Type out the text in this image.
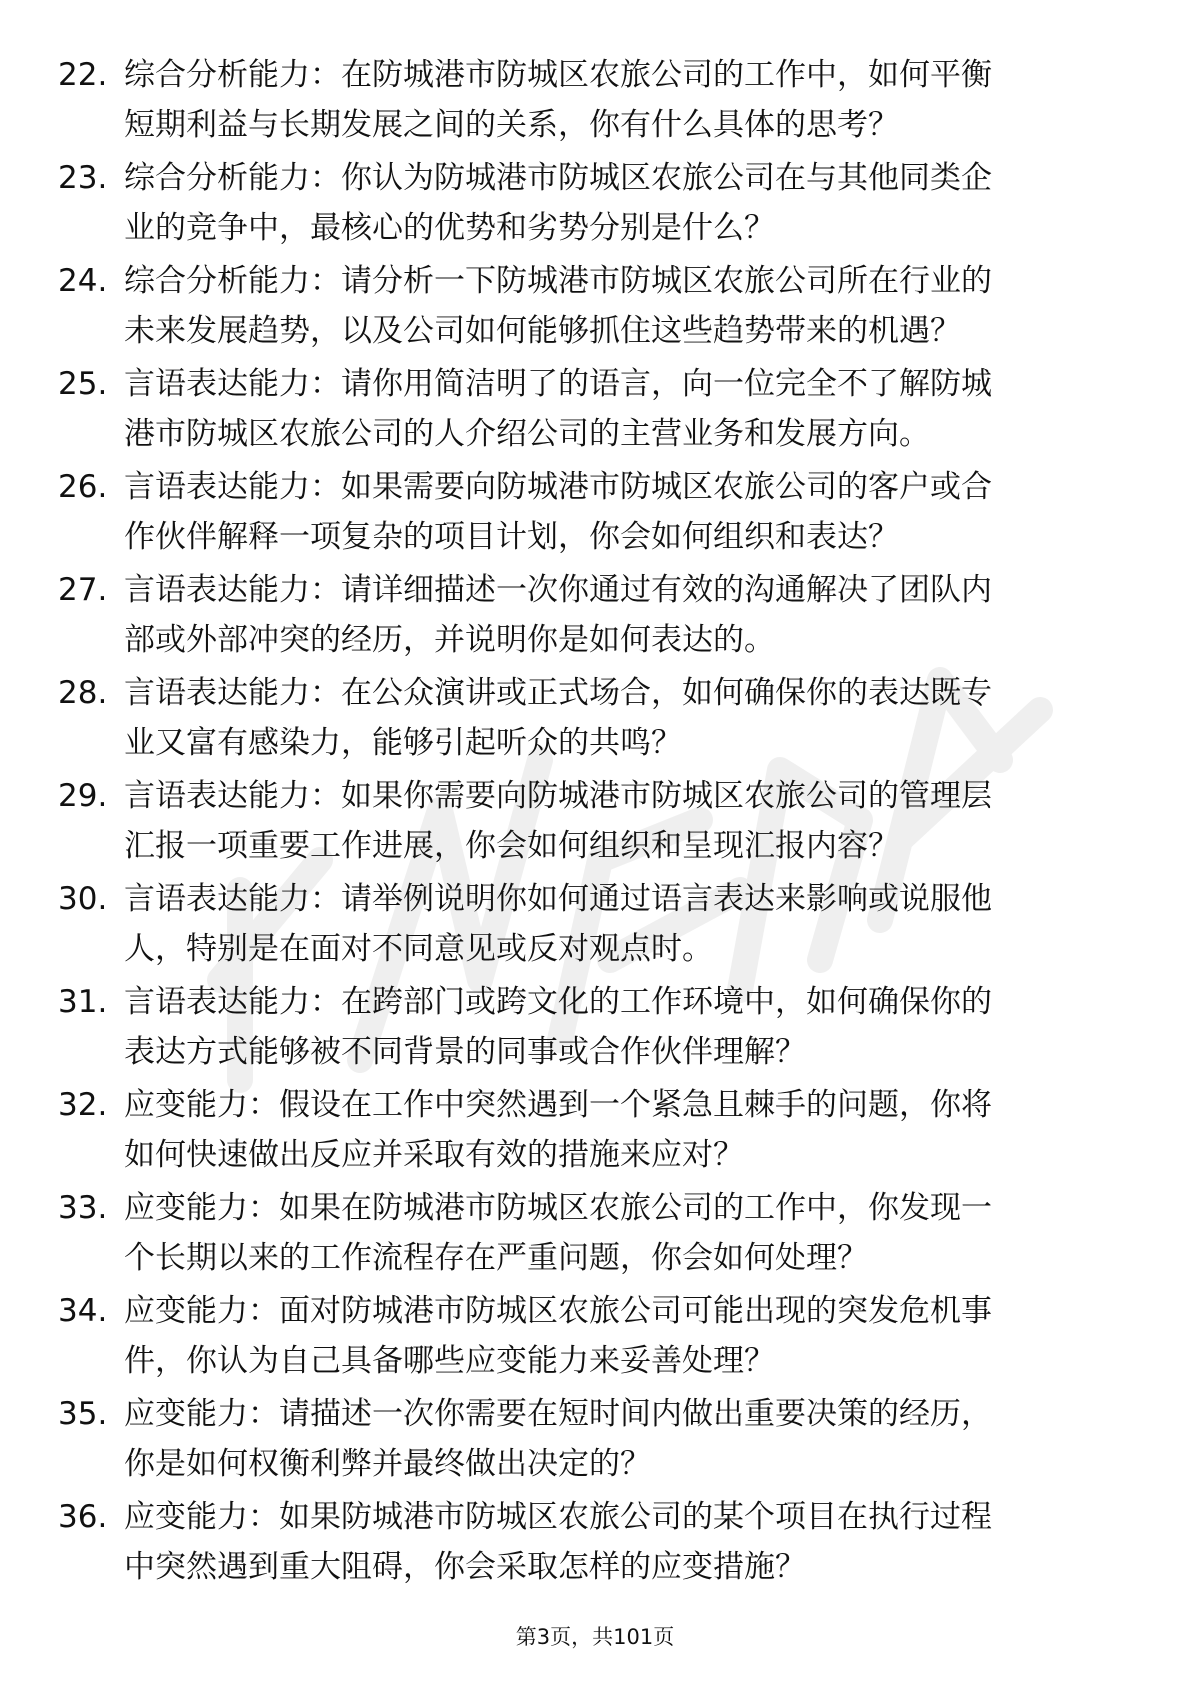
22. 综合分析能力：在防城港市防城区农旅公司的工作中，如何平衡
短期利益与长期发展之间的关系，你有什么具体的思考？
23. 综合分析能力：你认为防城港市防城区农旅公司在与其他同类企
业的竞争中，最核心的优势和劣势分别是什么？
24. 综合分析能力：请分析一下防城港市防城区农旅公司所在行业的
未来发展趋势，以及公司如何能够抓住这些趋势带来的机遇？
25. 言语表达能力：请你用简洁明了的语言，向一位完全不了解防城
港市防城区农旅公司的人介绍公司的主营业务和发展方向。
26. 言语表达能力：如果需要向防城港市防城区农旅公司的客户或合
作伙伴解释一项复杂的项目计划，你会如何组织和表达？
27. 言语表达能力：请详细描述一次你通过有效的沟通解决了团队内
部或外部冲突的经历，并说明你是如何表达的。
28. 言语表达能力：在公众演讲或正式场合，如何确保你的表达既专
业又富有感染力，能够引起听众的共鸣？
29. 言语表达能力：如果你需要向防城港市防城区农旅公司的管理层
汇报一项重要工作进展，你会如何组织和呈现汇报内容？
30. 言语表达能力：请举例说明你如何通过语言表达来影响或说服他
人，特别是在面对不同意见或反对观点时。
31. 言语表达能力：在跨部门或跨文化的工作环境中，如何确保你的
表达方式能够被不同背景的同事或合作伙伴理解？
32. 应变能力：假设在工作中突然遇到一个紧急且棘手的问题，你将
如何快速做出反应并采取有效的措施来应对？
33. 应变能力：如果在防城港市防城区农旅公司的工作中，你发现一
个长期以来的工作流程存在严重问题，你会如何处理？
34. 应变能力：面对防城港市防城区农旅公司可能出现的突发危机事
件，你认为自己具备哪些应变能力来妥善处理？
35. 应变能力：请描述一次你需要在短时间内做出重要决策的经历，
你是如何权衡利弊并最终做出决定的？
36. 应变能力：如果防城港市防城区农旅公司的某个项目在执行过程
中突然遇到重大阻碍，你会采取怎样的应变措施？
第3页，共101页
